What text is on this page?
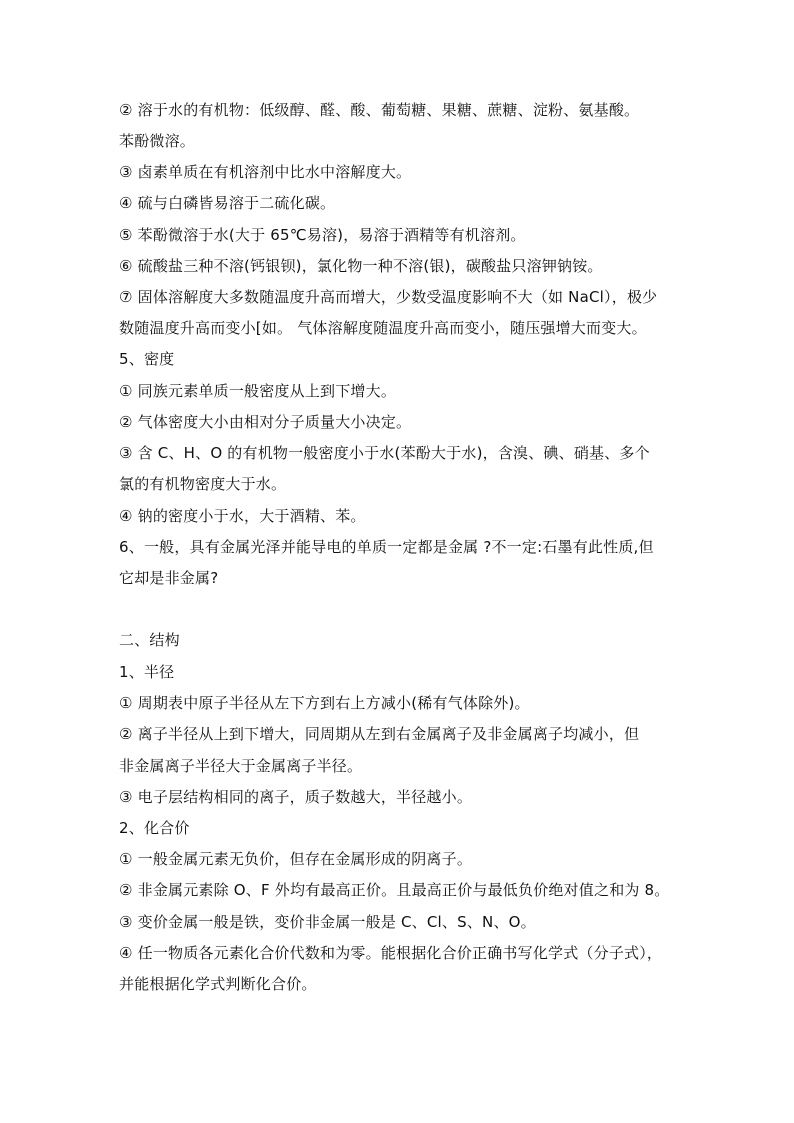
② 溶于水的有机物：低级醇、醛、酸、葡萄糖、果糖、蔗糖、淀粉、氨基酸。
苯酚微溶。
③ 卤素单质在有机溶剂中比水中溶解度大。
④ 硫与白磷皆易溶于二硫化碳。
⑤ 苯酚微溶于水(大于 65℃易溶)，易溶于酒精等有机溶剂。
⑥ 硫酸盐三种不溶(钙银钡)，氯化物一种不溶(银)，碳酸盐只溶钾钠铵。
⑦ 固体溶解度大多数随温度升高而增大，少数受温度影响不大（如 NaCl），极少
数随温度升高而变小[如。 气体溶解度随温度升高而变小，随压强增大而变大。
5、密度
① 同族元素单质一般密度从上到下增大。
② 气体密度大小由相对分子质量大小决定。
③ 含 C、H、O 的有机物一般密度小于水(苯酚大于水)，含溴、碘、硝基、多个
氯的有机物密度大于水。
④ 钠的密度小于水，大于酒精、苯。
6、一般，具有金属光泽并能导电的单质一定都是金属 ?不一定:石墨有此性质,但
它却是非金属?
二、结构
1、半径
① 周期表中原子半径从左下方到右上方减小(稀有气体除外)。
② 离子半径从上到下增大，同周期从左到右金属离子及非金属离子均减小，但
非金属离子半径大于金属离子半径。
③ 电子层结构相同的离子，质子数越大，半径越小。
2、化合价
① 一般金属元素无负价，但存在金属形成的阴离子。
② 非金属元素除 O、F 外均有最高正价。且最高正价与最低负价绝对值之和为 8。
③ 变价金属一般是铁，变价非金属一般是 C、Cl、S、N、O。
④ 任一物质各元素化合价代数和为零。能根据化合价正确书写化学式（分子式），
并能根据化学式判断化合价。
